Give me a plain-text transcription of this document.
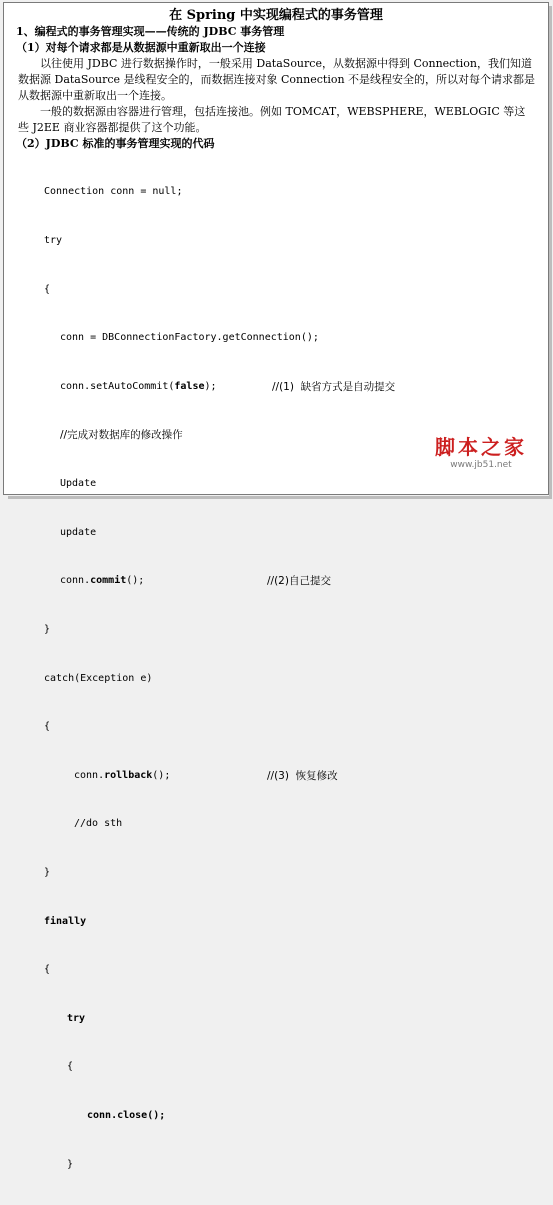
在 Spring 中实现编程式的事务管理
1、编程式的事务管理实现——传统的 JDBC 事务管理
（1）对每个请求都是从数据源中重新取出一个连接
以往使用 JDBC 进行数据操作时，一般采用 DataSource，从数据源中得到 Connection，我们知道数据源 DataSource 是线程安全的，而数据连接对象 Connection 不是线程安全的，所以对每个请求都是从数据源中重新取出一个连接。
一般的数据源由容器进行管理，包括连接池。例如 TOMCAT，WEBSPHERE，WEBLOGIC 等这些 J2EE 商业容器都提供了这个功能。
（2）JDBC 标准的事务管理实现的代码

Connection conn = null;

try

{

conn = DBConnectionFactory.getConnection();

conn.setAutoCommit(false);	//(1)  缺省方式是自动提交

//完成对数据库的修改操作

Update

update

conn.commit();	//(2)自己提交

}

catch(Exception e)

{

conn.rollback();	//(3)  恢复修改

//do sth

}

finally

{

try

{

conn.close();

}

脚本之家
www.jb51.net
